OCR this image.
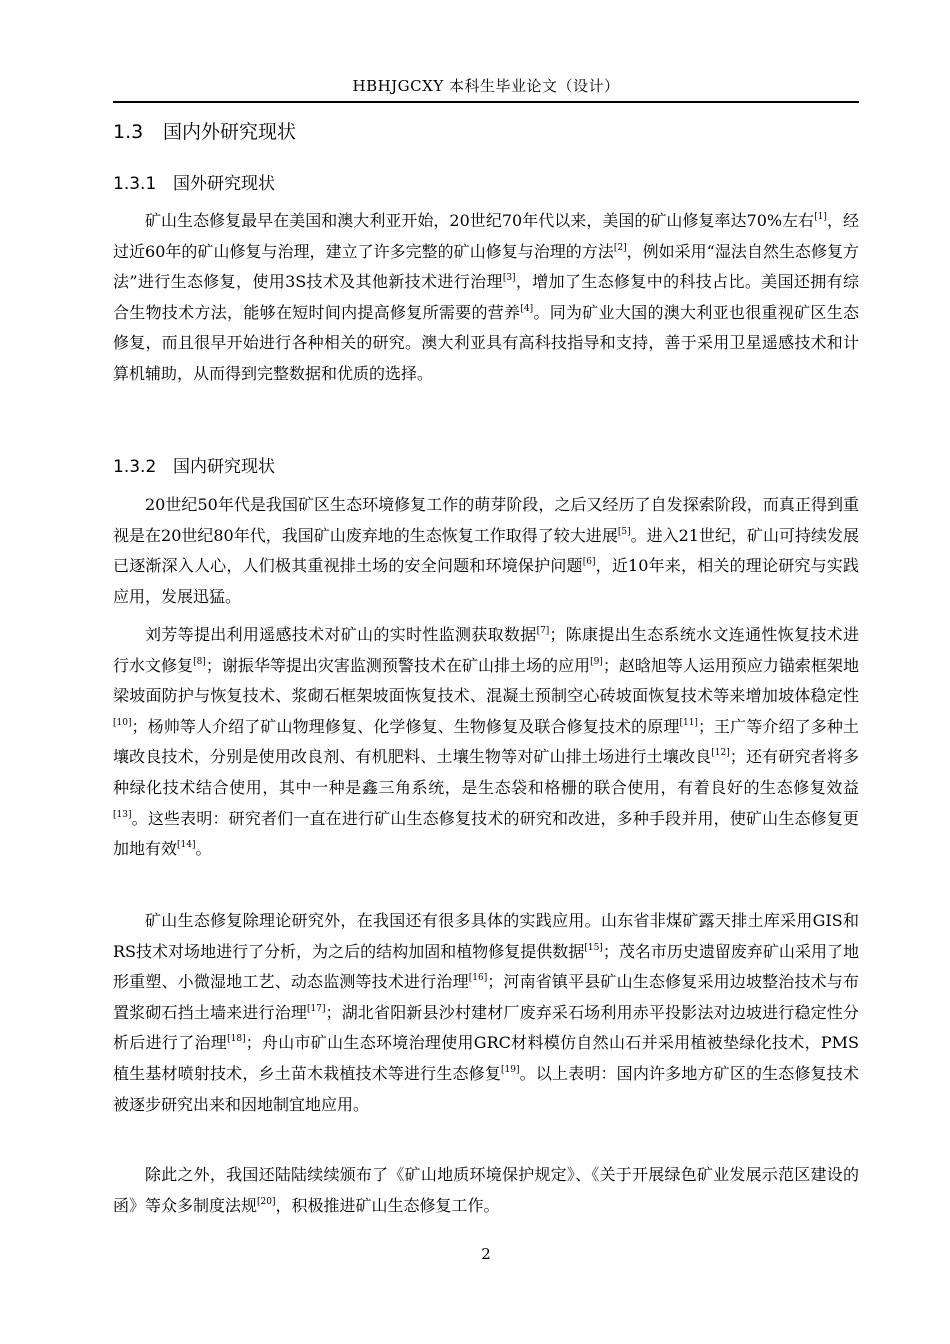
HBHJGCXY 本科生毕业论文（设计）
1.3 国内外研究现状
1.3.1 国外研究现状

矿山生态修复最早在美国和澳大利亚开始，20世纪70年代以来，美国的矿山修复率达70%左右[1]，经过近60年的矿山修复与治理，建立了许多完整的矿山修复与治理的方法[2]，例如采用“湿法自然生态修复方法”进行生态修复，使用3S技术及其他新技术进行治理[3]，增加了生态修复中的科技占比。美国还拥有综合生物技术方法，能够在短时间内提高修复所需要的营养[4]。同为矿业大国的澳大利亚也很重视矿区生态修复，而且很早开始进行各种相关的研究。澳大利亚具有高科技指导和支持，善于采用卫星遥感技术和计算机辅助，从而得到完整数据和优质的选择。

1.3.2 国内研究现状

20世纪50年代是我国矿区生态环境修复工作的萌芽阶段，之后又经历了自发探索阶段，而真正得到重视是在20世纪80年代，我国矿山废弃地的生态恢复工作取得了较大进展[5]。进入21世纪，矿山可持续发展已逐渐深入人心，人们极其重视排土场的安全问题和环境保护问题[6]，近10年来，相关的理论研究与实践应用，发展迅猛。

刘芳等提出利用遥感技术对矿山的实时性监测获取数据[7]；陈康提出生态系统水文连通性恢复技术进行水文修复[8]；谢振华等提出灾害监测预警技术在矿山排土场的应用[9]；赵晗旭等人运用预应力锚索框架地梁坡面防护与恢复技术、浆砌石框架坡面恢复技术、混凝土预制空心砖坡面恢复技术等来增加坡体稳定性[10]；杨帅等人介绍了矿山物理修复、化学修复、生物修复及联合修复技术的原理[11]；王广等介绍了多种土壤改良技术，分别是使用改良剂、有机肥料、土壤生物等对矿山排土场进行土壤改良[12]；还有研究者将多种绿化技术结合使用，其中一种是鑫三角系统，是生态袋和格栅的联合使用，有着良好的生态修复效益[13]。这些表明：研究者们一直在进行矿山生态修复技术的研究和改进，多种手段并用，使矿山生态修复更加地有效[14]。

矿山生态修复除理论研究外，在我国还有很多具体的实践应用。山东省非煤矿露天排土库采用GIS和RS技术对场地进行了分析，为之后的结构加固和植物修复提供数据[15]；茂名市历史遗留废弃矿山采用了地形重塑、小微湿地工艺、动态监测等技术进行治理[16]；河南省镇平县矿山生态修复采用边坡整治技术与布置浆砌石挡土墙来进行治理[17]；湖北省阳新县沙村建材厂废弃采石场利用赤平投影法对边坡进行稳定性分析后进行了治理[18]；舟山市矿山生态环境治理使用GRC材料模仿自然山石并采用植被垫绿化技术，PMS植生基材喷射技术，乡土苗木栽植技术等进行生态修复[19]。以上表明：国内许多地方矿区的生态修复技术被逐步研究出来和因地制宜地应用。

除此之外，我国还陆陆续续颁布了《矿山地质环境保护规定》、《关于开展绿色矿业发展示范区建设的函》等众多制度法规[20]，积极推进矿山生态修复工作。

2
